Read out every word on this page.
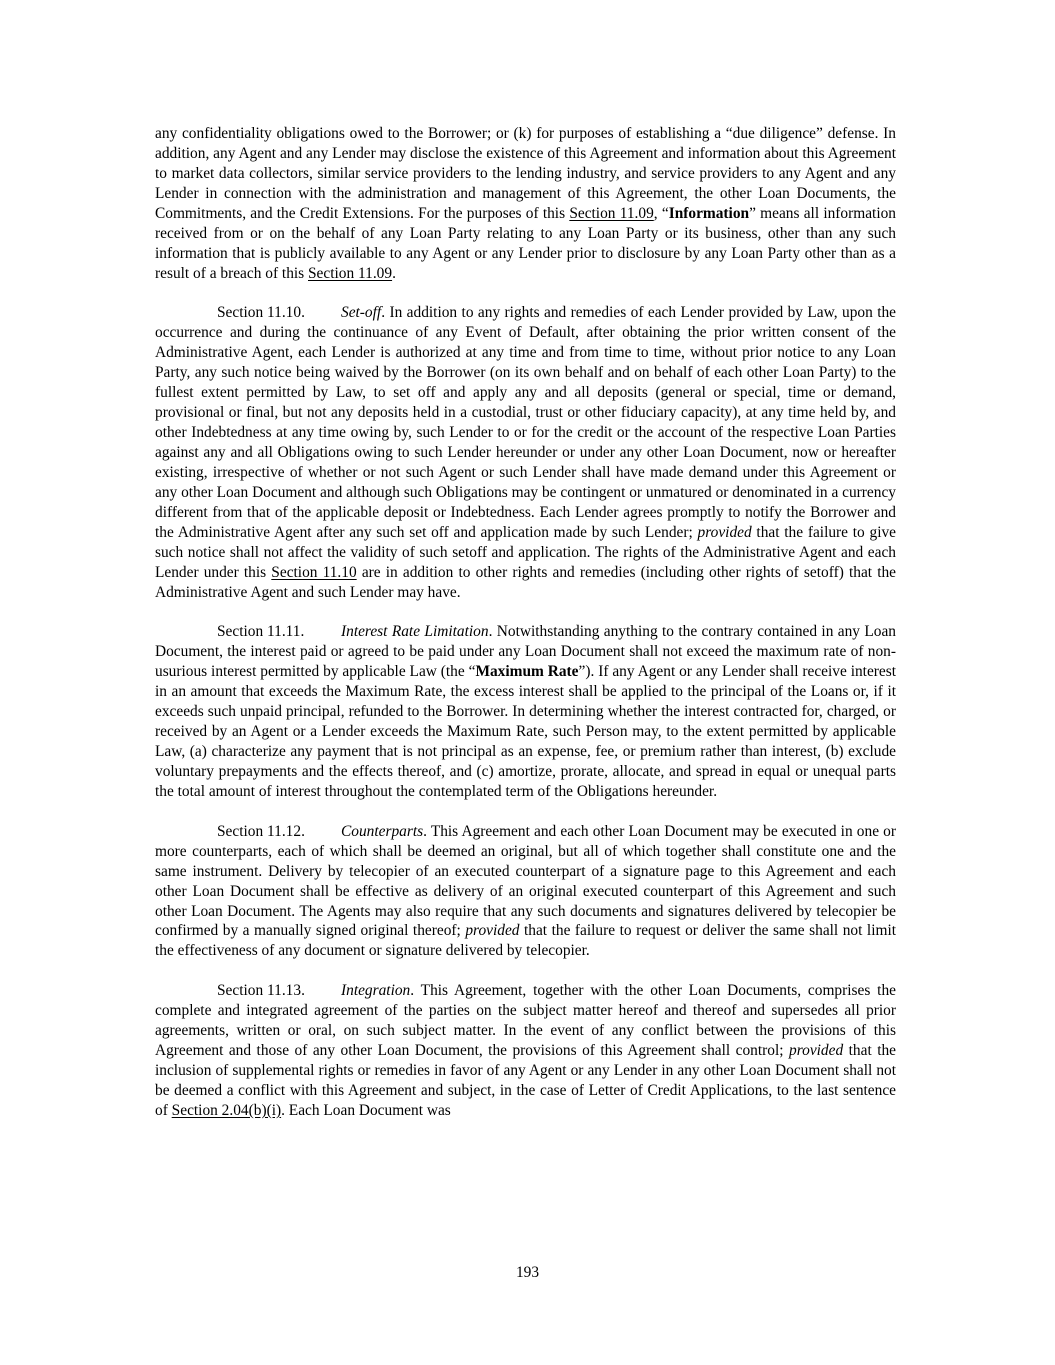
any confidentiality obligations owed to the Borrower; or (k) for purposes of establishing a “due diligence” defense. In addition, any Agent and any Lender may disclose the existence of this Agreement and information about this Agreement to market data collectors, similar service providers to the lending industry, and service providers to any Agent and any Lender in connection with the administration and management of this Agreement, the other Loan Documents, the Commitments, and the Credit Extensions. For the purposes of this Section 11.09, “Information” means all information received from or on the behalf of any Loan Party relating to any Loan Party or its business, other than any such information that is publicly available to any Agent or any Lender prior to disclosure by any Loan Party other than as a result of a breach of this Section 11.09.

Section 11.10. Set-off. In addition to any rights and remedies of each Lender provided by Law, upon the occurrence and during the continuance of any Event of Default, after obtaining the prior written consent of the Administrative Agent, each Lender is authorized at any time and from time to time, without prior notice to any Loan Party, any such notice being waived by the Borrower (on its own behalf and on behalf of each other Loan Party) to the fullest extent permitted by Law, to set off and apply any and all deposits (general or special, time or demand, provisional or final, but not any deposits held in a custodial, trust or other fiduciary capacity), at any time held by, and other Indebtedness at any time owing by, such Lender to or for the credit or the account of the respective Loan Parties against any and all Obligations owing to such Lender hereunder or under any other Loan Document, now or hereafter existing, irrespective of whether or not such Agent or such Lender shall have made demand under this Agreement or any other Loan Document and although such Obligations may be contingent or unmatured or denominated in a currency different from that of the applicable deposit or Indebtedness. Each Lender agrees promptly to notify the Borrower and the Administrative Agent after any such set off and application made by such Lender; provided that the failure to give such notice shall not affect the validity of such setoff and application. The rights of the Administrative Agent and each Lender under this Section 11.10 are in addition to other rights and remedies (including other rights of setoff) that the Administrative Agent and such Lender may have.

Section 11.11. Interest Rate Limitation. Notwithstanding anything to the contrary contained in any Loan Document, the interest paid or agreed to be paid under any Loan Document shall not exceed the maximum rate of non-usurious interest permitted by applicable Law (the “Maximum Rate”). If any Agent or any Lender shall receive interest in an amount that exceeds the Maximum Rate, the excess interest shall be applied to the principal of the Loans or, if it exceeds such unpaid principal, refunded to the Borrower. In determining whether the interest contracted for, charged, or received by an Agent or a Lender exceeds the Maximum Rate, such Person may, to the extent permitted by applicable Law, (a) characterize any payment that is not principal as an expense, fee, or premium rather than interest, (b) exclude voluntary prepayments and the effects thereof, and (c) amortize, prorate, allocate, and spread in equal or unequal parts the total amount of interest throughout the contemplated term of the Obligations hereunder.

Section 11.12. Counterparts. This Agreement and each other Loan Document may be executed in one or more counterparts, each of which shall be deemed an original, but all of which together shall constitute one and the same instrument. Delivery by telecopier of an executed counterpart of a signature page to this Agreement and each other Loan Document shall be effective as delivery of an original executed counterpart of this Agreement and such other Loan Document. The Agents may also require that any such documents and signatures delivered by telecopier be confirmed by a manually signed original thereof; provided that the failure to request or deliver the same shall not limit the effectiveness of any document or signature delivered by telecopier.

Section 11.13. Integration. This Agreement, together with the other Loan Documents, comprises the complete and integrated agreement of the parties on the subject matter hereof and thereof and supersedes all prior agreements, written or oral, on such subject matter. In the event of any conflict between the provisions of this Agreement and those of any other Loan Document, the provisions of this Agreement shall control; provided that the inclusion of supplemental rights or remedies in favor of any Agent or any Lender in any other Loan Document shall not be deemed a conflict with this Agreement and subject, in the case of Letter of Credit Applications, to the last sentence of Section 2.04(b)(i). Each Loan Document was

193
